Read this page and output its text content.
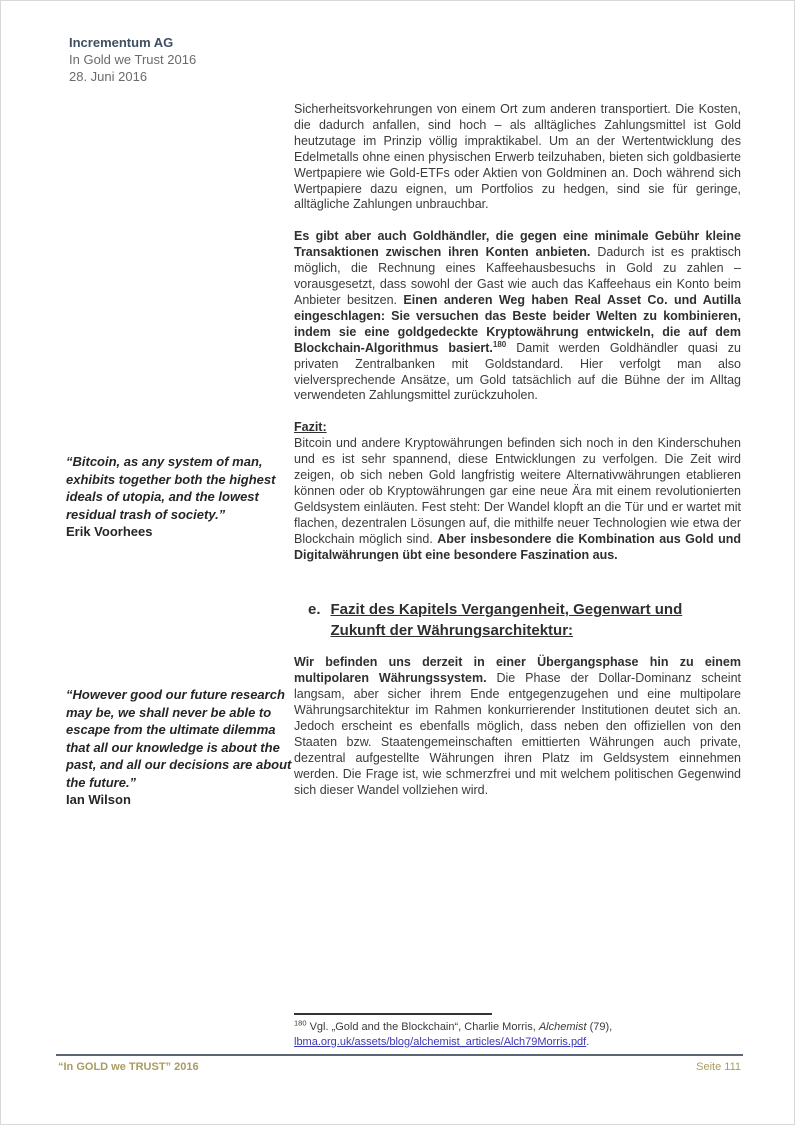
Incrementum AG
In Gold we Trust 2016
28. Juni 2016
“Bitcoin, as any system of man, exhibits together both the highest ideals of utopia, and the lowest residual trash of society.”
Erik Voorhees
“However good our future research may be, we shall never be able to escape from the ultimate dilemma that all our knowledge is about the past, and all our decisions are about the future.”
Ian Wilson

Sicherheitsvorkehrungen von einem Ort zum anderen transportiert. Die Kosten, die dadurch anfallen, sind hoch – als alltägliches Zahlungsmittel ist Gold heutzutage im Prinzip völlig impraktikabel. Um an der Wertentwicklung des Edelmetalls ohne einen physischen Erwerb teilzuhaben, bieten sich goldbasierte Wertpapiere wie Gold-ETFs oder Aktien von Goldminen an. Doch während sich Wertpapiere dazu eignen, um Portfolios zu hedgen, sind sie für geringe, alltägliche Zahlungen unbrauchbar.

Es gibt aber auch Goldhändler, die gegen eine minimale Gebühr kleine Transaktionen zwischen ihren Konten anbieten. Dadurch ist es praktisch möglich, die Rechnung eines Kaffeehausbesuchs in Gold zu zahlen – vorausgesetzt, dass sowohl der Gast wie auch das Kaffeehaus ein Konto beim Anbieter besitzen. Einen anderen Weg haben Real Asset Co. und Autilla eingeschlagen: Sie versuchen das Beste beider Welten zu kombinieren, indem sie eine goldgedeckte Kryptowährung entwickeln, die auf dem Blockchain-Algorithmus basiert.$^{180}$ Damit werden Goldhändler quasi zu privaten Zentralbanken mit Goldstandard. Hier verfolgt man also vielversprechende Ansätze, um Gold tatsächlich auf die Bühne der im Alltag verwendeten Zahlungsmittel zurückzuholen.

Fazit:
Bitcoin und andere Kryptowährungen befinden sich noch in den Kinderschuhen und es ist sehr spannend, diese Entwicklungen zu verfolgen. Die Zeit wird zeigen, ob sich neben Gold langfristig weitere Alternativwährungen etablieren können oder ob Kryptowährungen gar eine neue Ära mit einem revolutionierten Geldsystem einläuten. Fest steht: Der Wandel klopft an die Tür und er wartet mit flachen, dezentralen Lösungen auf, die mithilfe neuer Technologien wie etwa der Blockchain möglich sind. Aber insbesondere die Kombination aus Gold und Digitalwährungen übt eine besondere Faszination aus.
e. Fazit des Kapitels Vergangenheit, Gegenwart und Zukunft der Währungsarchitektur:

Wir befinden uns derzeit in einer Übergangsphase hin zu einem multipolaren Währungssystem. Die Phase der Dollar-Dominanz scheint langsam, aber sicher ihrem Ende entgegenzugehen und eine multipolare Währungsarchitektur im Rahmen konkurrierender Institutionen deutet sich an. Jedoch erscheint es ebenfalls möglich, dass neben den offiziellen von den Staaten bzw. Staatengemeinschaften emittierten Währungen auch private, dezentral aufgestellte Währungen ihren Platz im Geldsystem einnehmen werden. Die Frage ist, wie schmerzfrei und mit welchem politischen Gegenwind sich dieser Wandel vollziehen wird.

$^{180}$ Vgl. „Gold and the Blockchain“, Charlie Morris, Alchemist (79),
lbma.org.uk/assets/blog/alchemist_articles/Alch79Morris.pdf.
“In GOLD we TRUST” 2016	Seite 111
